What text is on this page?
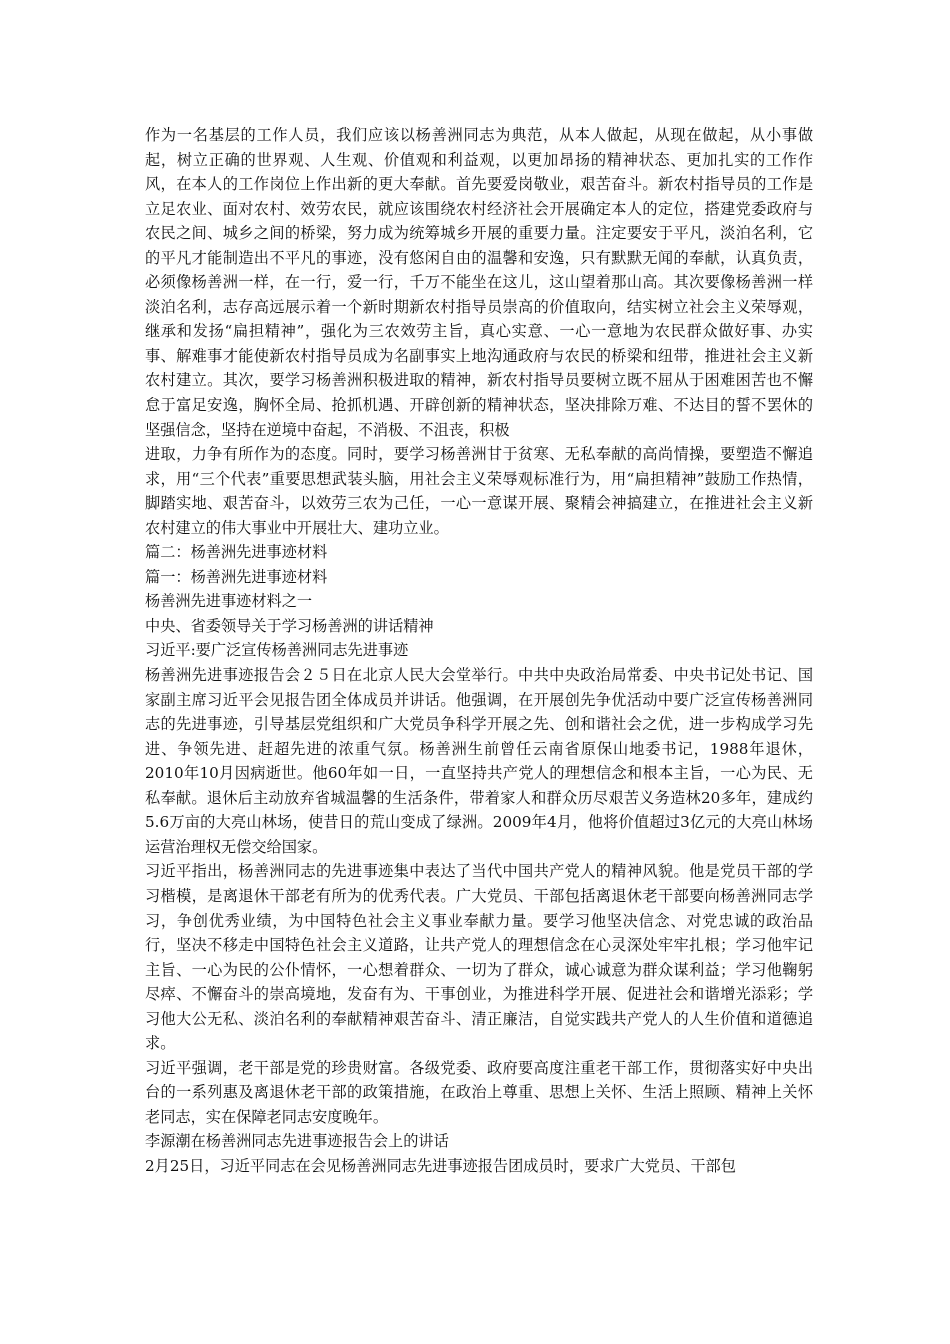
作为一名基层的工作人员，我们应该以杨善洲同志为典范，从本人做起，从现在做起，从小事做起，树立正确的世界观、人生观、价值观和利益观，以更加昂扬的精神状态、更加扎实的工作作风，在本人的工作岗位上作出新的更大奉献。首先要爱岗敬业，艰苦奋斗。新农村指导员的工作是立足农业、面对农村、效劳农民，就应该围绕农村经济社会开展确定本人的定位，搭建党委政府与农民之间、城乡之间的桥梁，努力成为统筹城乡开展的重要力量。注定要安于平凡，淡泊名利，它的平凡才能制造出不平凡的事迹，没有悠闲自由的温馨和安逸，只有默默无闻的奉献，认真负责，必须像杨善洲一样，在一行，爱一行，千万不能坐在这儿，这山望着那山高。其次要像杨善洲一样淡泊名利，志存高远展示着一个新时期新农村指导员崇高的价值取向，结实树立社会主义荣辱观，继承和发扬“扁担精神”，强化为三农效劳主旨，真心实意、一心一意地为农民群众做好事、办实事、解难事才能使新农村指导员成为名副事实上地沟通政府与农民的桥梁和纽带，推进社会主义新农村建立。其次，要学习杨善洲积极进取的精神，新农村指导员要树立既不屈从于困难困苦也不懈怠于富足安逸，胸怀全局、抢抓机遇、开辟创新的精神状态，坚决排除万难、不达目的誓不罢休的坚强信念，坚持在逆境中奋起，不消极、不沮丧，积极

进取，力争有所作为的态度。同时，要学习杨善洲甘于贫寒、无私奉献的高尚情操，要塑造不懈追求，用“三个代表”重要思想武装头脑，用社会主义荣辱观标准行为，用“扁担精神”鼓励工作热情，脚踏实地、艰苦奋斗，以效劳三农为己任，一心一意谋开展、聚精会神搞建立，在推进社会主义新农村建立的伟大事业中开展壮大、建功立业。

篇二：杨善洲先进事迹材料

篇一：杨善洲先进事迹材料

杨善洲先进事迹材料之一

中央、省委领导关于学习杨善洲的讲话精神

习近平:要广泛宣传杨善洲同志先进事迹

杨善洲先进事迹报告会２５日在北京人民大会堂举行。中共中央政治局常委、中央书记处书记、国家副主席习近平会见报告团全体成员并讲话。他强调，在开展创先争优活动中要广泛宣传杨善洲同志的先进事迹，引导基层党组织和广大党员争科学开展之先、创和谐社会之优，进一步构成学习先进、争领先进、赶超先进的浓重气氛。杨善洲生前曾任云南省原保山地委书记，1988年退休，2010年10月因病逝世。他60年如一日，一直坚持共产党人的理想信念和根本主旨，一心为民、无私奉献。退休后主动放弃省城温馨的生活条件，带着家人和群众历尽艰苦义务造林20多年，建成约5.6万亩的大亮山林场，使昔日的荒山变成了绿洲。2009年4月，他将价值超过3亿元的大亮山林场运营治理权无偿交给国家。

习近平指出，杨善洲同志的先进事迹集中表达了当代中国共产党人的精神风貌。他是党员干部的学习楷模，是离退休干部老有所为的优秀代表。广大党员、干部包括离退休老干部要向杨善洲同志学习，争创优秀业绩，为中国特色社会主义事业奉献力量。要学习他坚决信念、对党忠诚的政治品行，坚决不移走中国特色社会主义道路，让共产党人的理想信念在心灵深处牢牢扎根；学习他牢记主旨、一心为民的公仆情怀，一心想着群众、一切为了群众，诚心诚意为群众谋利益；学习他鞠躬尽瘁、不懈奋斗的崇高境地，发奋有为、干事创业，为推进科学开展、促进社会和谐增光添彩；学习他大公无私、淡泊名利的奉献精神艰苦奋斗、清正廉洁，自觉实践共产党人的人生价值和道德追求。

习近平强调，老干部是党的珍贵财富。各级党委、政府要高度注重老干部工作，贯彻落实好中央出台的一系列惠及离退休老干部的政策措施，在政治上尊重、思想上关怀、生活上照顾、精神上关怀老同志，实在保障老同志安度晚年。

李源潮在杨善洲同志先进事迹报告会上的讲话

2月25日，习近平同志在会见杨善洲同志先进事迹报告团成员时，要求广大党员、干部包
